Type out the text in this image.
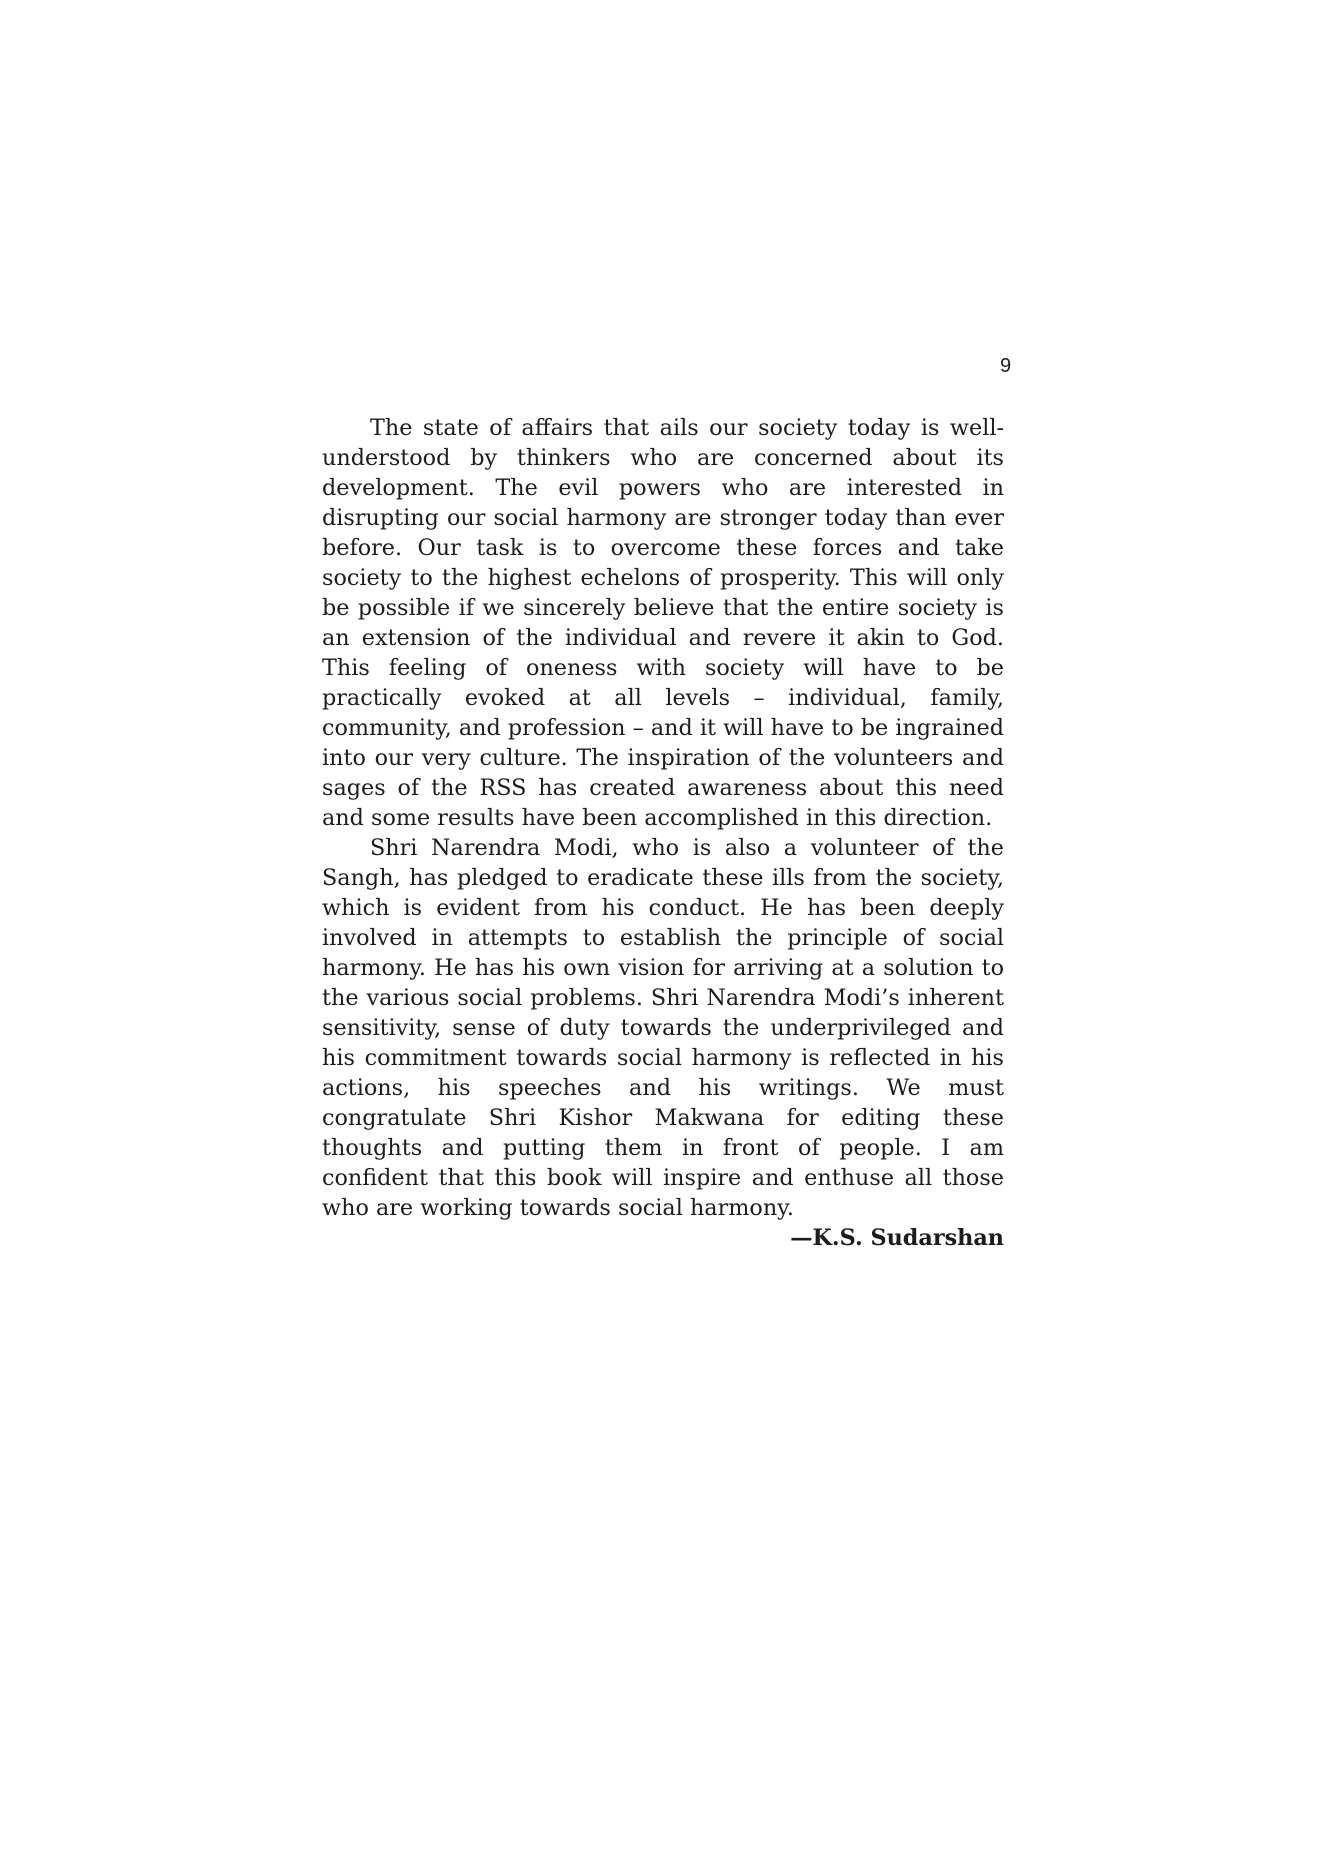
9

The state of affairs that ails our society today is well-understood by thinkers who are concerned about its development. The evil powers who are interested in disrupting our social harmony are stronger today than ever before. Our task is to overcome these forces and take society to the highest echelons of prosperity. This will only be possible if we sincerely believe that the entire society is an extension of the individual and revere it akin to God. This feeling of oneness with society will have to be practically evoked at all levels – individual, family, community, and profession – and it will have to be ingrained into our very culture. The inspiration of the volunteers and sages of the RSS has created awareness about this need and some results have been accomplished in this direction.

Shri Narendra Modi, who is also a volunteer of the Sangh, has pledged to eradicate these ills from the society, which is evident from his conduct. He has been deeply involved in attempts to establish the principle of social harmony. He has his own vision for arriving at a solution to the various social problems. Shri Narendra Modi’s inherent sensitivity, sense of duty towards the underprivileged and his commitment towards social harmony is reflected in his actions, his speeches and his writings. We must congratulate Shri Kishor Makwana for editing these thoughts and putting them in front of people. I am confident that this book will inspire and enthuse all those who are working towards social harmony.

—K.S. Sudarshan
